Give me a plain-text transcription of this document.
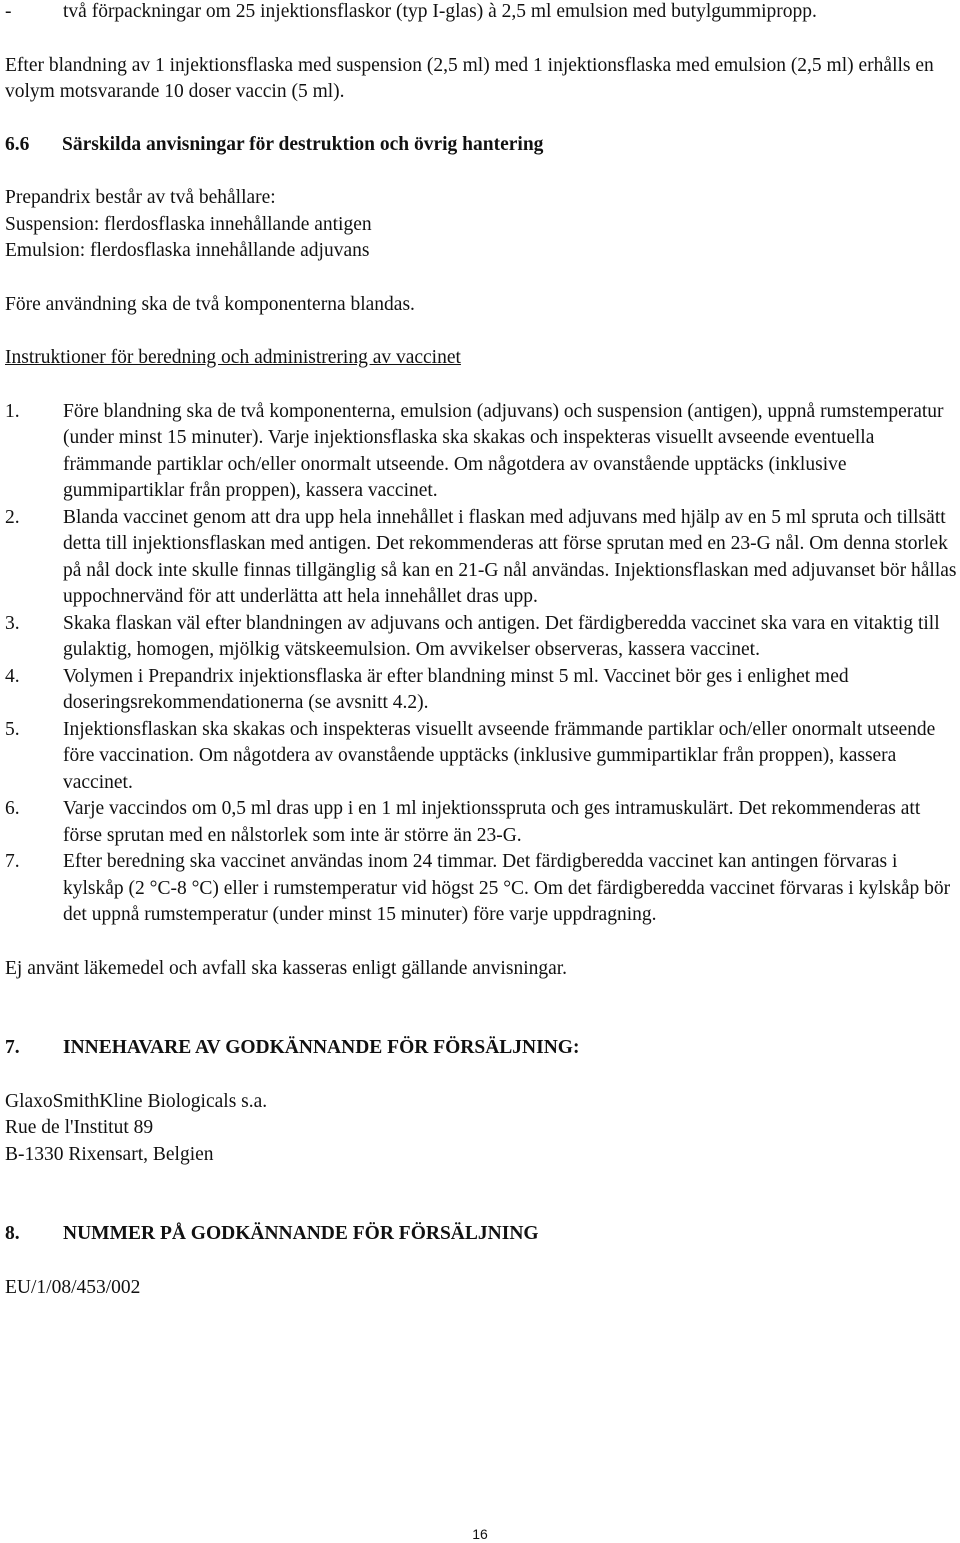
-	två förpackningar om 25 injektionsflaskor (typ I-glas) à 2,5 ml emulsion med butylgummipropp.

Efter blandning av 1 injektionsflaska med suspension (2,5 ml) med 1 injektionsflaska med emulsion (2,5 ml) erhålls en volym motsvarande 10 doser vaccin (5 ml).

6.6	Särskilda anvisningar för destruktion och övrig hantering

Prepandrix består av två behållare:

Suspension: flerdosflaska innehållande antigen

Emulsion: flerdosflaska innehållande adjuvans

Före användning ska de två komponenterna blandas.

Instruktioner för beredning och administrering av vaccinet

1.	Före blandning ska de två komponenterna, emulsion (adjuvans) och suspension (antigen), uppnå rumstemperatur (under minst 15 minuter). Varje injektionsflaska ska skakas och inspekteras visuellt avseende eventuella främmande partiklar och/eller onormalt utseende. Om någotdera av ovanstående upptäcks (inklusive gummipartiklar från proppen), kassera vaccinet.
2.	Blanda vaccinet genom att dra upp hela innehållet i flaskan med adjuvans med hjälp av en 5 ml spruta och tillsätt detta till injektionsflaskan med antigen. Det rekommenderas att förse sprutan med en 23-G nål. Om denna storlek på nål dock inte skulle finnas tillgänglig så kan en 21-G nål användas. Injektionsflaskan med adjuvanset bör hållas uppochnervänd för att underlätta att hela innehållet dras upp.
3.	Skaka flaskan väl efter blandningen av adjuvans och antigen. Det färdigberedda vaccinet ska vara en vitaktig till gulaktig, homogen, mjölkig vätskeemulsion. Om avvikelser observeras, kassera vaccinet.
4.	Volymen i Prepandrix injektionsflaska är efter blandning minst 5 ml. Vaccinet bör ges i enlighet med doseringsrekommendationerna (se avsnitt 4.2).
5.	Injektionsflaskan ska skakas och inspekteras visuellt avseende främmande partiklar och/eller onormalt utseende före vaccination. Om någotdera av ovanstående upptäcks (inklusive gummipartiklar från proppen), kassera vaccinet.
6.	Varje vaccindos om 0,5 ml dras upp i en 1 ml injektionsspruta och ges intramuskulärt. Det rekommenderas att förse sprutan med en nålstorlek som inte är större än 23-G.
7.	Efter beredning ska vaccinet användas inom 24 timmar. Det färdigberedda vaccinet kan antingen förvaras i kylskåp (2 °C-8 °C) eller i rumstemperatur vid högst 25 °C. Om det färdigberedda vaccinet förvaras i kylskåp bör det uppnå rumstemperatur (under minst 15 minuter) före varje uppdragning.

Ej använt läkemedel och avfall ska kasseras enligt gällande anvisningar.

7.	INNEHAVARE AV GODKÄNNANDE FÖR FÖRSÄLJNING:

GlaxoSmithKline Biologicals s.a.

Rue de l'Institut 89

B-1330 Rixensart, Belgien

8.	NUMMER PÅ GODKÄNNANDE FÖR FÖRSÄLJNING

EU/1/08/453/002

16
